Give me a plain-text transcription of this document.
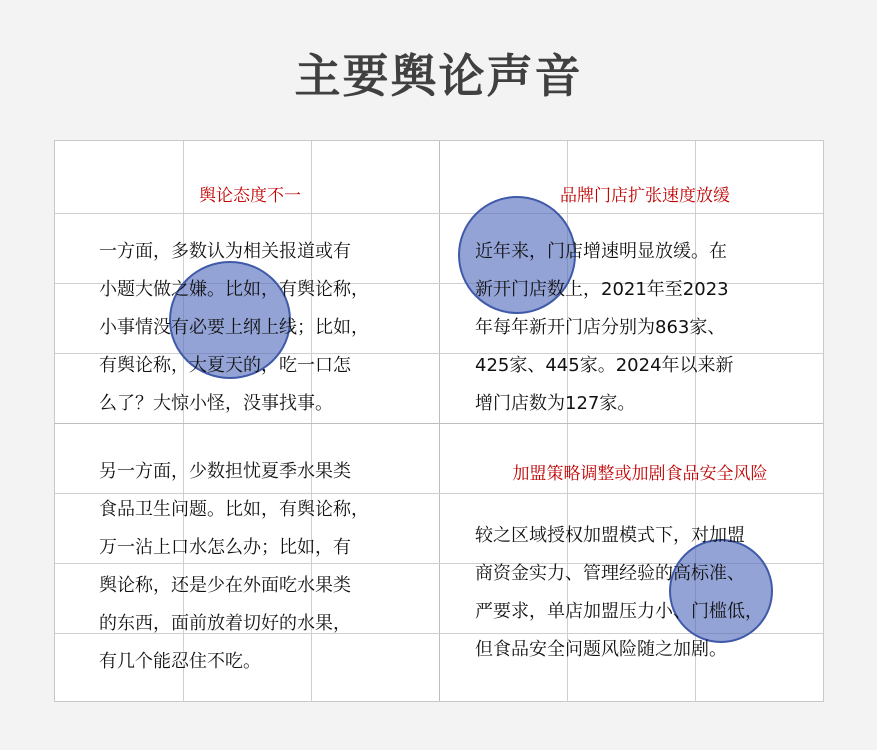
主要舆论声音
舆论态度不一
一方面，多数认为相关报道或有
小题大做之嫌。比如，有舆论称，
小事情没有必要上纲上线；比如，
有舆论称，大夏天的，吃一口怎
么了？大惊小怪，没事找事。
另一方面，少数担忧夏季水果类
食品卫生问题。比如，有舆论称，
万一沾上口水怎么办；比如，有
舆论称，还是少在外面吃水果类
的东西，面前放着切好的水果，
有几个能忍住不吃。
品牌门店扩张速度放缓
近年来，门店增速明显放缓。在
新开门店数上，2021年至2023
年每年新开门店分别为863家、
425家、445家。2024年以来新
增门店数为127家。
加盟策略调整或加剧食品安全风险
较之区域授权加盟模式下，对加盟
商资金实力、管理经验的高标准、
严要求，单店加盟压力小、门槛低，
但食品安全问题风险随之加剧。
